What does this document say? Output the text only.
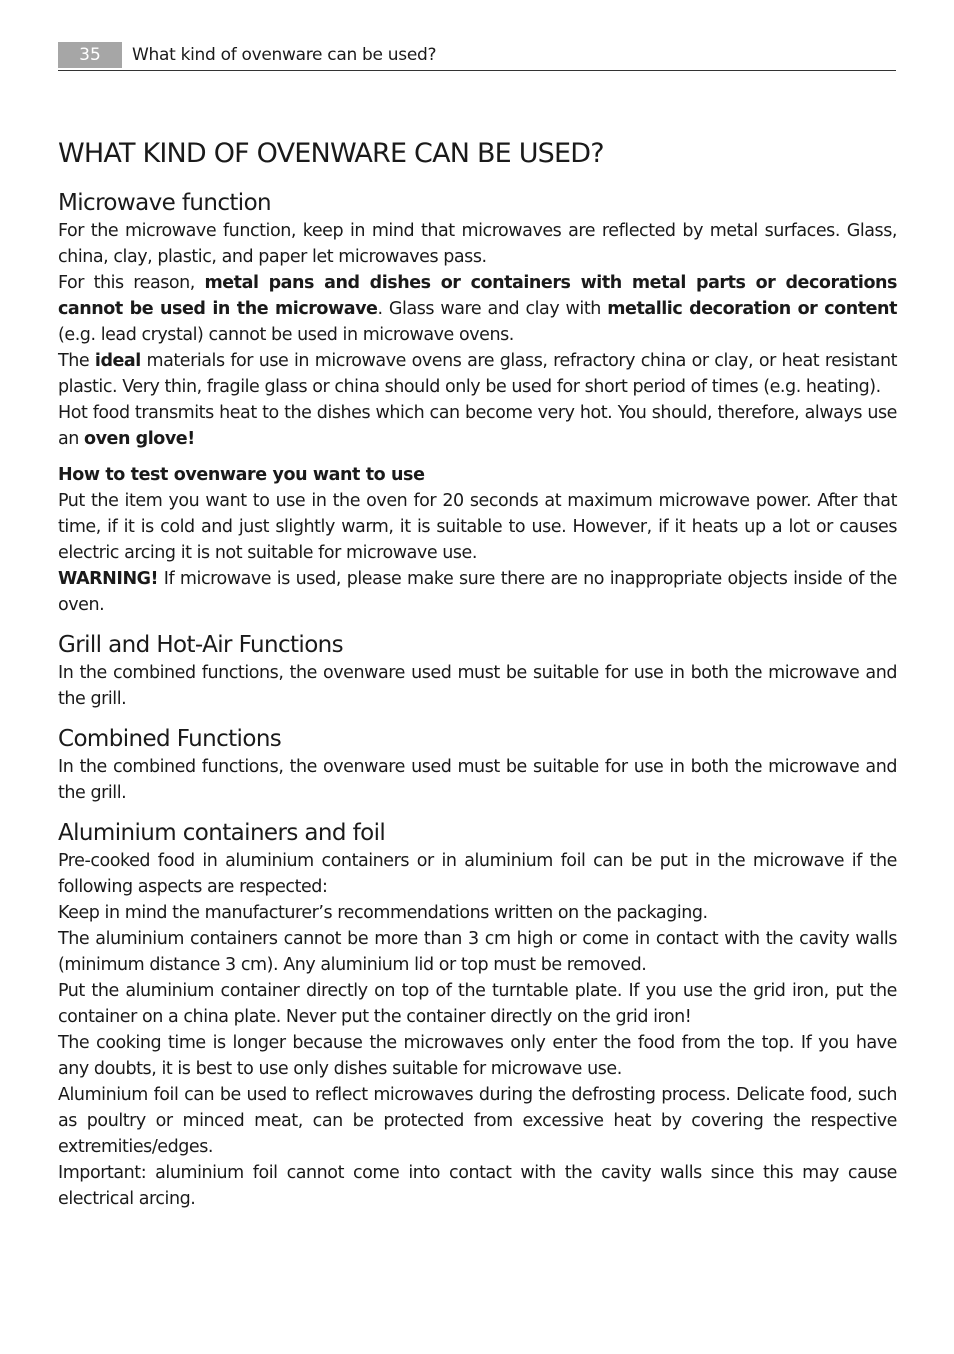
35	What kind of ovenware can be used?
WHAT KIND OF OVENWARE CAN BE USED?
Microwave function

For the microwave function, keep in mind that microwaves are reflected by metal surfaces. Glass, china, clay, plastic, and paper let microwaves pass.

For this reason, metal pans and dishes or containers with metal parts or decorations cannot be used in the microwave. Glass ware and clay with metallic decoration or content (e.g. lead crystal) cannot be used in microwave ovens.

The ideal materials for use in microwave ovens are glass, refractory china or clay, or heat resistant plastic. Very thin, fragile glass or china should only be used for short period of times (e.g. heating).

Hot food transmits heat to the dishes which can become very hot. You should, therefore, always use an oven glove!

How to test ovenware you want to use

Put the item you want to use in the oven for 20 seconds at maximum microwave power. After that time, if it is cold and just slightly warm, it is suitable to use. However, if it heats up a lot or causes electric arcing it is not suitable for microwave use.

WARNING! If microwave is used, please make sure there are no inappropriate objects inside of the oven.

Grill and Hot-Air Functions

In the combined functions, the ovenware used must be suitable for use in both the microwave and the grill.

Combined Functions

In the combined functions, the ovenware used must be suitable for use in both the microwave and the grill.

Aluminium containers and foil

Pre-cooked food in aluminium containers or in aluminium foil can be put in the microwave if the following aspects are respected:

Keep in mind the manufacturer’s recommendations written on the packaging.

The aluminium containers cannot be more than 3 cm high or come in contact with the cavity walls (minimum distance 3 cm). Any aluminium lid or top must be removed.

Put the aluminium container directly on top of the turntable plate. If you use the grid iron, put the container on a china plate. Never put the container directly on the grid iron!

The cooking time is longer because the microwaves only enter the food from the top. If you have any doubts, it is best to use only dishes suitable for microwave use.

Aluminium foil can be used to reflect microwaves during the defrosting process. Delicate food, such as poultry or minced meat, can be protected from excessive heat by covering the respective extremities/edges.

Important: aluminium foil cannot come into contact with the cavity walls since this may cause electrical arcing.
